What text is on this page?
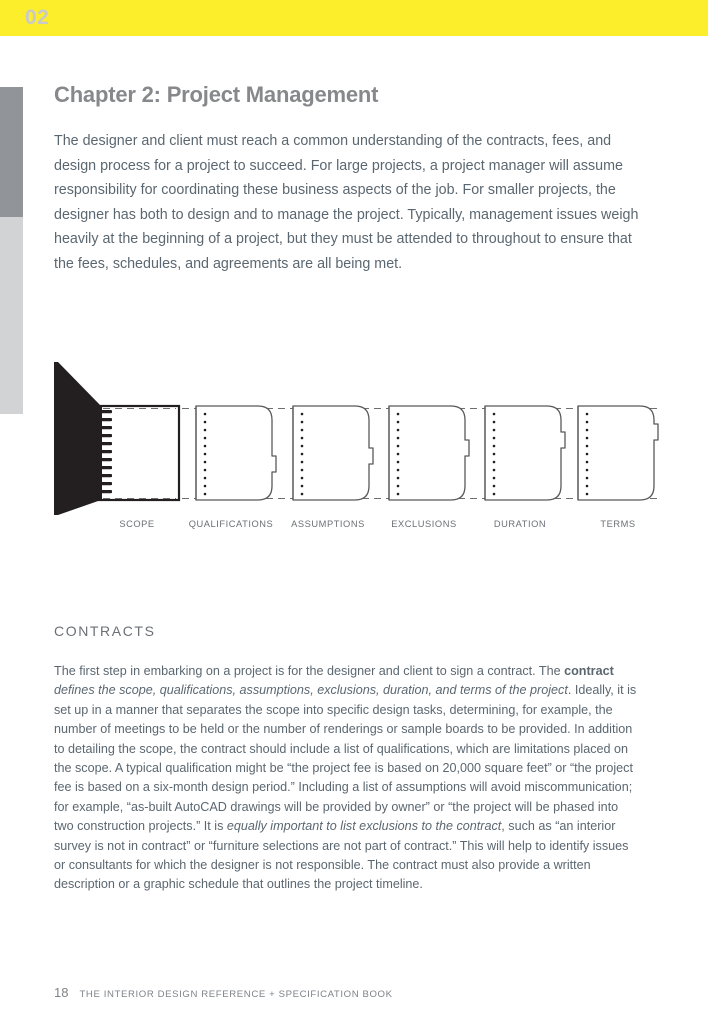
02
Chapter 2: Project Management

The designer and client must reach a common understanding of the contracts, fees, and design process for a project to succeed. For large projects, a project manager will assume responsibility for coordinating these business aspects of the job. For smaller projects, the designer has both to design and to manage the project. Typically, management issues weigh heavily at the beginning of a project, but they must be attended to throughout to ensure that the fees, schedules, and agreements are all being met.

SCOPE	QUALIFICATIONS ASSUMPTIONS	EXCLUSIONS	DURATION	TERMS
CONTRACTS

The first step in embarking on a project is for the designer and client to sign a contract. The contract defines the scope, qualifications, assumptions, exclusions, duration, and terms of the project. Ideally, it is set up in a manner that separates the scope into specific design tasks, determining, for example, the number of meetings to be held or the number of renderings or sample boards to be provided. In addition to detailing the scope, the contract should include a list of qualifications, which are limitations placed on the scope. A typical qualification might be “the project fee is based on 20,000 square feet” or “the project fee is based on a six-month design period.” Including a list of assumptions will avoid miscommunication; for example, “as-built AutoCAD drawings will be provided by owner” or “the project will be phased into two construction projects.” It is equally important to list exclusions to the contract, such as “an interior survey is not in contract” or “furniture selections are not part of contract.” This will help to identify issues or consultants for which the designer is not responsible. The contract must also provide a written description or a graphic schedule that outlines the project timeline.

18 THE INTERIOR DESIGN REFERENCE + SPECIFICATION BOOK
